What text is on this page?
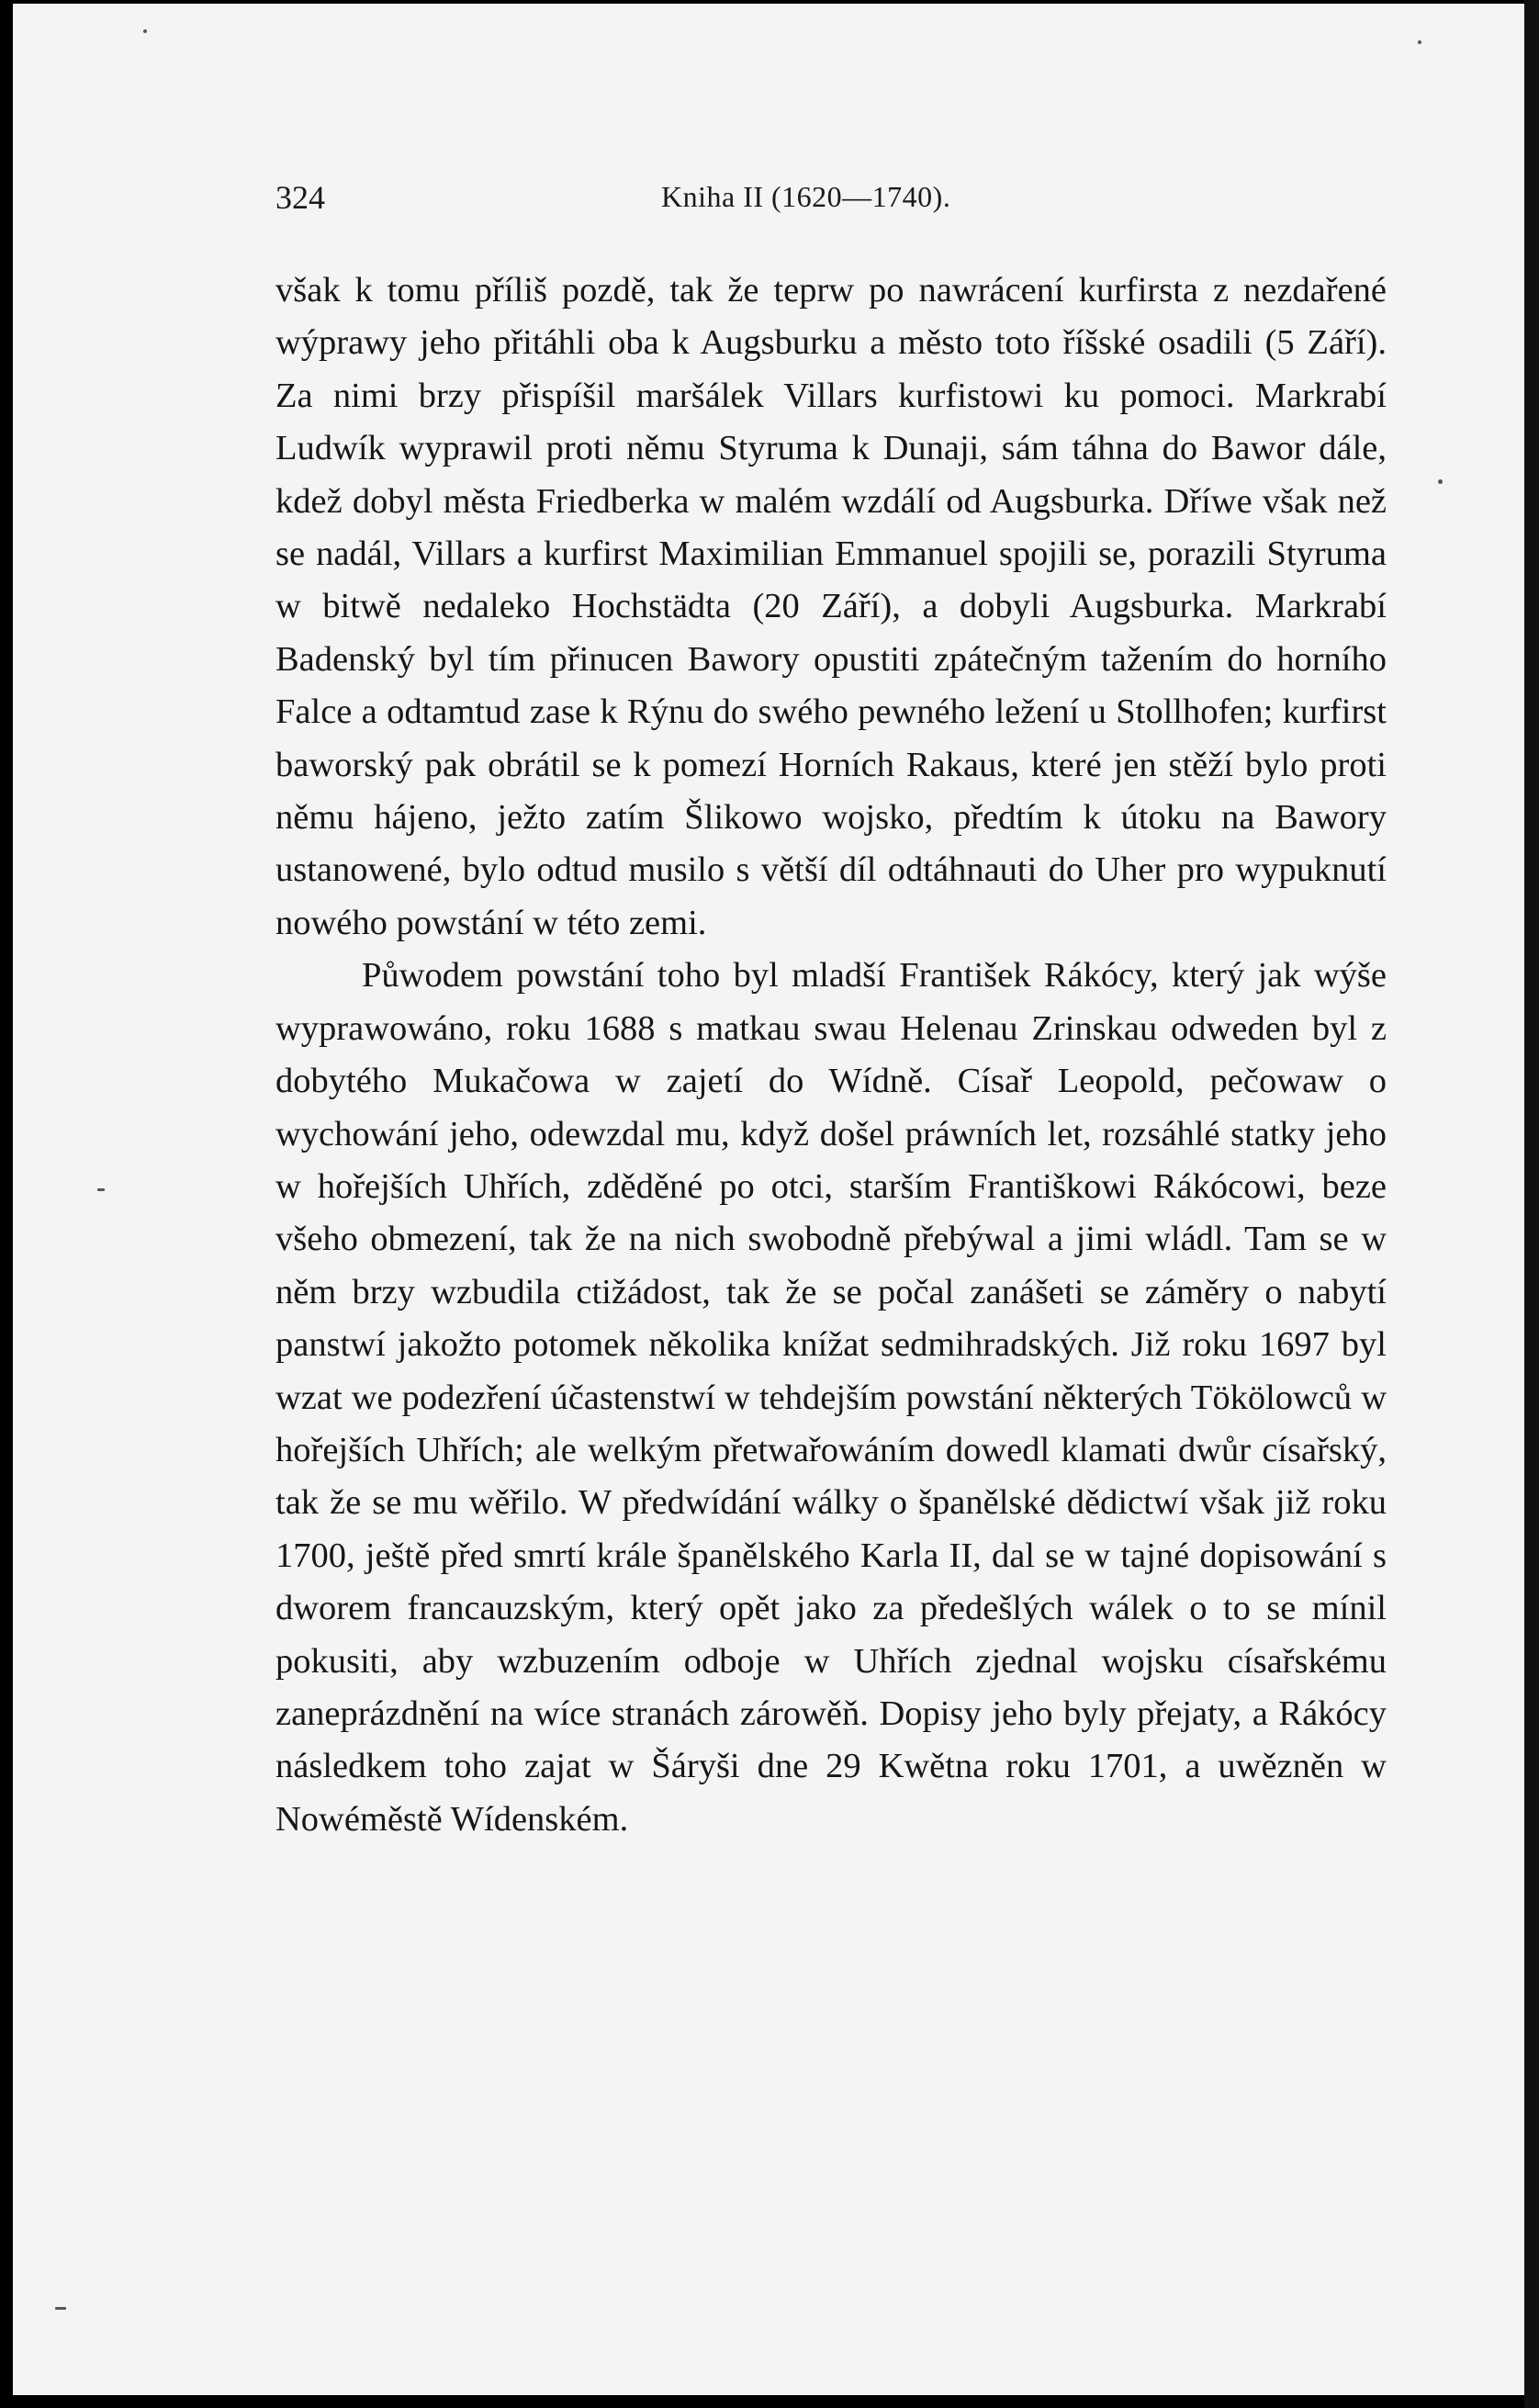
324	Kniha II (1620—1740).

však k tomu příliš pozdě, tak že teprw po nawrácení kurfirsta z nezdařené wýprawy jeho přitáhli oba k Augsburku a město toto říšské osadili (5 Září). Za nimi brzy přispíšil maršálek Villars kurfistowi ku pomoci. Markrabí Ludwík wyprawil proti němu Styruma k Dunaji, sám táhna do Bawor dále, kdež dobyl města Friedberka w malém wzdálí od Augsburka. Dříwe však než se nadál, Villars a kurfirst Maximilian Emmanuel spojili se, porazili Styruma w bitwě nedaleko Hochstädta (20 Září), a dobyli Augsburka. Markrabí Badenský byl tím přinucen Bawory opustiti zpátečným tažením do horního Falce a odtamtud zase k Rýnu do swého pewného ležení u Stollhofen; kurfirst baworský pak obrátil se k pomezí Horních Rakaus, které jen stěží bylo proti němu hájeno, ježto zatím Šlikowo wojsko, předtím k útoku na Bawory ustanowené, bylo odtud musilo s větší díl odtáhnauti do Uher pro wypuknutí nowého powstání w této zemi.

Půwodem powstání toho byl mladší František Rákócy, který jak wýše wyprawowáno, roku 1688 s matkau swau Helenau Zrinskau odweden byl z dobytého Mukačowa w zajetí do Wídně. Císař Leopold, pečowaw o wychowání jeho, odewzdal mu, když došel práwních let, rozsáhlé statky jeho w hořejších Uhřích, zděděné po otci, starším Františkowi Rákócowi, beze všeho obmezení, tak že na nich swobodně přebýwal a jimi wládl. Tam se w něm brzy wzbudila ctižádost, tak že se počal zanášeti se záměry o nabytí panstwí jakožto potomek několika knížat sedmihradských. Již roku 1697 byl wzat we podezření účastenstwí w tehdejším powstání některých Tökölowců w hořejších Uhřích; ale welkým přetwařowáním dowedl klamati dwůr císařský, tak že se mu wěřilo. W předwídání wálky o španělské dědictwí však již roku 1700, ještě před smrtí krále španělského Karla II, dal se w tajné dopisowání s dworem francauzským, který opět jako za předešlých wálek o to se mínil pokusiti, aby wzbuzením odboje w Uhřích zjednal wojsku císařskému zaneprázdnění na wíce stranách zárowěň. Dopisy jeho byly přejaty, a Rákócy následkem toho zajat w Šáryši dne 29 Kwětna roku 1701, a uwězněn w Nowéměstě Wídenském.
